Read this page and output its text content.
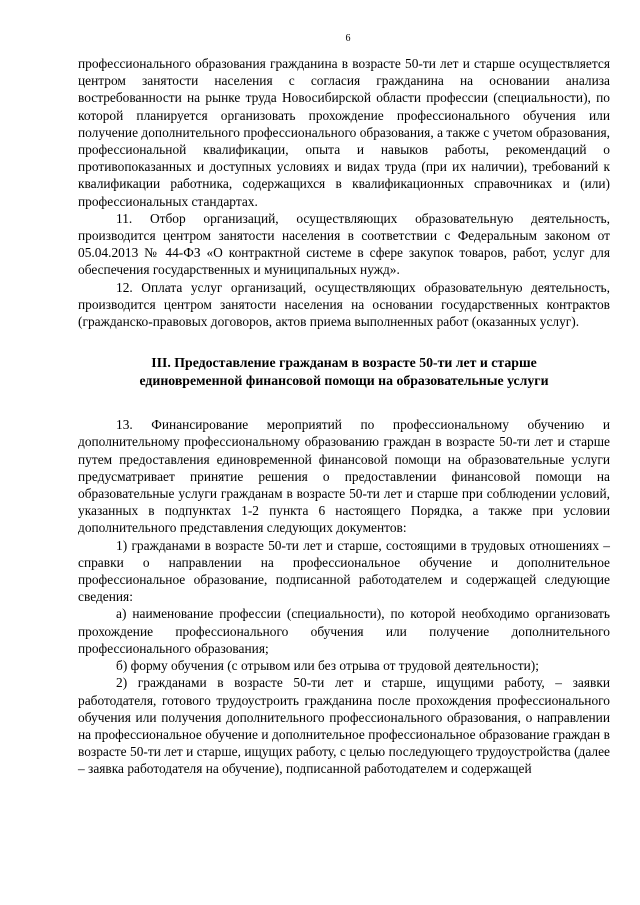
6

профессионального образования гражданина в возрасте 50-ти лет и старше осуществляется центром занятости населения с согласия гражданина на основании анализа востребованности на рынке труда Новосибирской области профессии (специальности), по которой планируется организовать прохождение профессионального обучения или получение дополнительного профессионального образования, а также с учетом образования, профессиональной квалификации, опыта и навыков работы, рекомендаций о противопоказанных и доступных условиях и видах труда (при их наличии), требований к квалификации работника, содержащихся в квалификационных справочниках и (или) профессиональных стандартах.

11. Отбор организаций, осуществляющих образовательную деятельность, производится центром занятости населения в соответствии с Федеральным законом от 05.04.2013 № 44-ФЗ «О контрактной системе в сфере закупок товаров, работ, услуг для обеспечения государственных и муниципальных нужд».

12. Оплата услуг организаций, осуществляющих образовательную деятельность, производится центром занятости населения на основании государственных контрактов (гражданско-правовых договоров, актов приема выполненных работ (оказанных услуг).

III. Предоставление гражданам в возрасте 50-ти лет и старше
единовременной финансовой помощи на образовательные услуги

13. Финансирование мероприятий по профессиональному обучению и дополнительному профессиональному образованию граждан в возрасте 50-ти лет и старше путем предоставления единовременной финансовой помощи на образовательные услуги предусматривает принятие решения о предоставлении финансовой помощи на образовательные услуги гражданам в возрасте 50-ти лет и старше при соблюдении условий, указанных в подпунктах 1-2 пункта 6 настоящего Порядка, а также при условии дополнительного представления следующих документов:

1) гражданами в возрасте 50-ти лет и старше, состоящими в трудовых отношениях – справки о направлении на профессиональное обучение и дополнительное профессиональное образование, подписанной работодателем и содержащей следующие сведения:

а) наименование профессии (специальности), по которой необходимо организовать прохождение профессионального обучения или получение дополнительного профессионального образования;

б) форму обучения (с отрывом или без отрыва от трудовой деятельности);

2) гражданами в возрасте 50-ти лет и старше, ищущими работу, – заявки работодателя, готового трудоустроить гражданина после прохождения профессионального обучения или получения дополнительного профессионального образования, о направлении на профессиональное обучение и дополнительное профессиональное образование граждан в возрасте 50-ти лет и старше, ищущих работу, с целью последующего трудоустройства (далее – заявка работодателя на обучение), подписанной работодателем и содержащей
